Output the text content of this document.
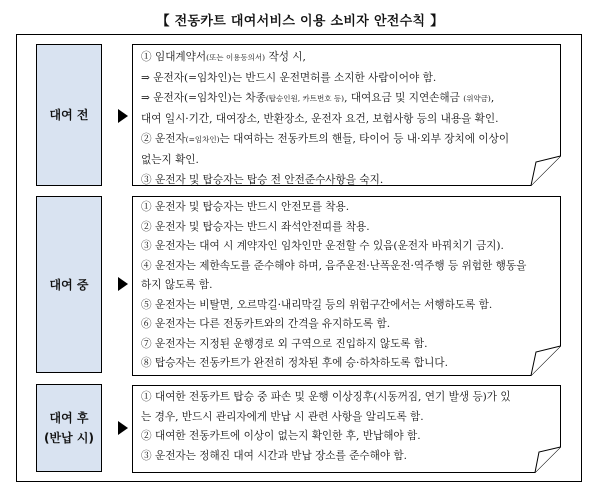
【 전동카트 대여서비스 이용 소비자 안전수칙 】
대여 전
① 임대계약서(또는 이용동의서) 작성 시,
⇒ 운전자(=임차인)는 반드시 운전면허를 소지한 사람이어야 함.
⇒ 운전자(=임차인)는 차종(탑승인원, 카트번호 등), 대여요금 및 지연손해금 (위약금),
대여 일시·기간, 대여장소, 반환장소, 운전자 요건, 보험사항 등의 내용을 확인.
② 운전자(=임차인)는 대여하는 전동카트의 핸들, 타이어 등 내·외부 장치에 이상이
없는지 확인.
③ 운전자 및 탑승자는 탑승 전 안전준수사항을 숙지.
대여 중
① 운전자 및 탑승자는 반드시 안전모를 착용.
② 운전자 및 탑승자는 반드시 좌석안전띠를 착용.
③ 운전자는 대여 시 계약자인 임차인만 운전할 수 있음(운전자 바꿔치기 금지).
④ 운전자는 제한속도를 준수해야 하며, 음주운전·난폭운전·역주행 등 위험한 행동을
하지 않도록 함.
⑤ 운전자는 비탈면, 오르막길·내리막길 등의 위험구간에서는 서행하도록 함.
⑥ 운전자는 다른 전동카트와의 간격을 유지하도록 함.
⑦ 운전자는 지정된 운행경로 외 구역으로 진입하지 않도록 함.
⑧ 탑승자는 전동카트가 완전히 정차된 후에 승·하차하도록 합니다.
대여 후
(반납 시)
① 대여한 전동카트 탑승 중 파손 및 운행 이상징후(시동꺼짐, 연기 발생 등)가 있
는 경우, 반드시 관리자에게 반납 시 관련 사항을 알리도록 함.
② 대여한 전동카트에 이상이 없는지 확인한 후, 반납해야 함.
③ 운전자는 정해진 대여 시간과 반납 장소를 준수해야 함.
